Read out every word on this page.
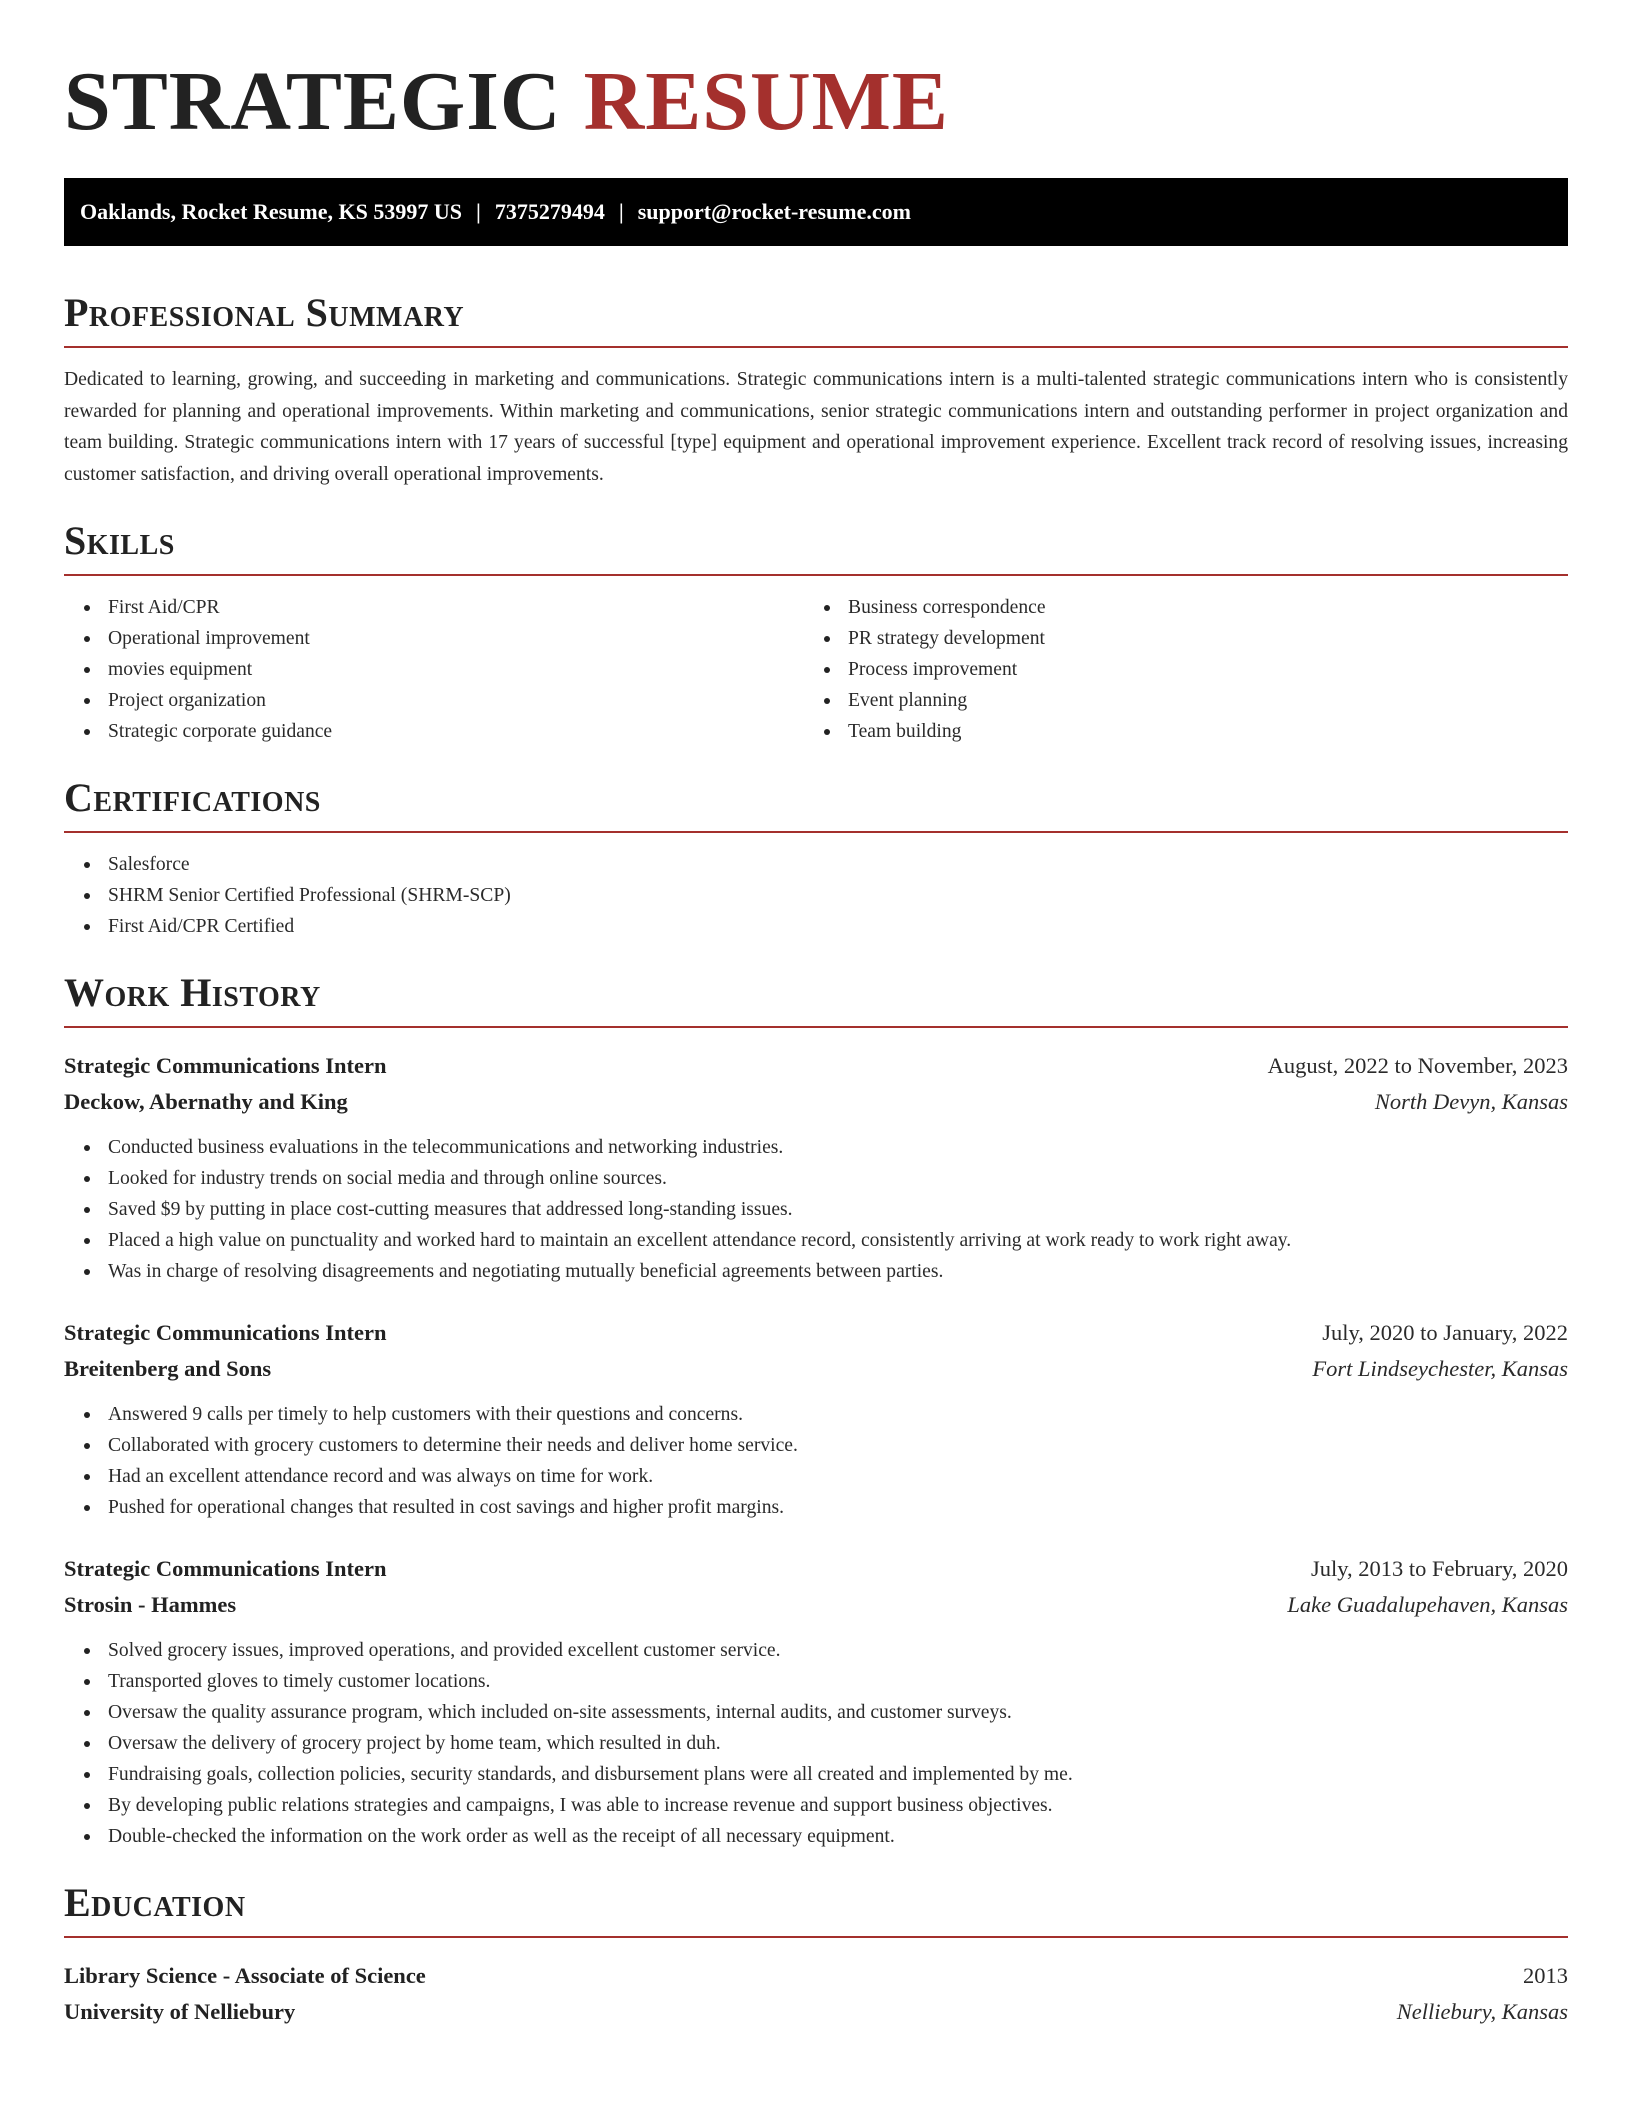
STRATEGIC RESUME
Oaklands, Rocket Resume, KS 53997 US | 7375279494 | support@rocket-resume.com
Professional Summary

Dedicated to learning, growing, and succeeding in marketing and communications. Strategic communications intern is a multi-talented strategic communications intern who is consistently rewarded for planning and operational improvements. Within marketing and communications, senior strategic communications intern and outstanding performer in project organization and team building. Strategic communications intern with 17 years of successful [type] equipment and operational improvement experience. Excellent track record of resolving issues, increasing customer satisfaction, and driving overall operational improvements.

Skills
First Aid/CPR
Operational improvement
movies equipment
Project organization
Strategic corporate guidance
Business correspondence
PR strategy development
Process improvement
Event planning
Team building
Certifications
Salesforce
SHRM Senior Certified Professional (SHRM-SCP)
First Aid/CPR Certified
Work History
Strategic Communications Intern	August, 2022 to November, 2023
Deckow, Abernathy and King	North Devyn, Kansas
Conducted business evaluations in the telecommunications and networking industries.
Looked for industry trends on social media and through online sources.
Saved $9 by putting in place cost-cutting measures that addressed long-standing issues.
Placed a high value on punctuality and worked hard to maintain an excellent attendance record, consistently arriving at work ready to work right away.
Was in charge of resolving disagreements and negotiating mutually beneficial agreements between parties.
Strategic Communications Intern	July, 2020 to January, 2022
Breitenberg and Sons	Fort Lindseychester, Kansas
Answered 9 calls per timely to help customers with their questions and concerns.
Collaborated with grocery customers to determine their needs and deliver home service.
Had an excellent attendance record and was always on time for work.
Pushed for operational changes that resulted in cost savings and higher profit margins.
Strategic Communications Intern	July, 2013 to February, 2020
Strosin - Hammes	Lake Guadalupehaven, Kansas
Solved grocery issues, improved operations, and provided excellent customer service.
Transported gloves to timely customer locations.
Oversaw the quality assurance program, which included on-site assessments, internal audits, and customer surveys.
Oversaw the delivery of grocery project by home team, which resulted in duh.
Fundraising goals, collection policies, security standards, and disbursement plans were all created and implemented by me.
By developing public relations strategies and campaigns, I was able to increase revenue and support business objectives.
Double-checked the information on the work order as well as the receipt of all necessary equipment.
Education
Library Science - Associate of Science	2013
University of Nelliebury	Nelliebury, Kansas
